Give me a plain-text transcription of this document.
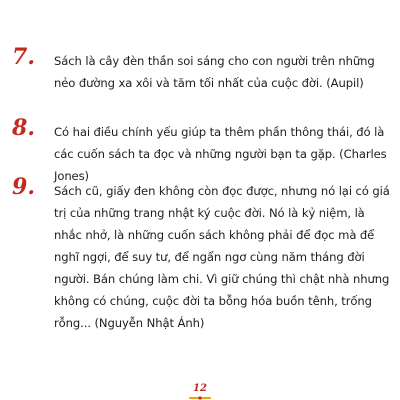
7.	Sách là cây đèn thần soi sáng cho con người trên những nẻo đường xa xôi và tăm tối nhất của cuộc đời. (Aupil)
8.	Có hai điều chính yếu giúp ta thêm phần thông thái, đó là các cuốn sách ta đọc và những người bạn ta gặp. (Charles Jones)
9.	Sách cũ, giấy đen không còn đọc được, nhưng nó lại có giá trị của những trang nhật ký cuộc đời. Nó là kỷ niệm, là nhắc nhở, là những cuốn sách không phải để đọc mà để nghĩ ngợi, để suy tư, để ngẩn ngơ cùng năm tháng đời người. Bán chúng làm chi. Vì giữ chúng thì chật nhà nhưng không có chúng, cuộc đời ta bỗng hóa buồn tênh, trống rỗng... (Nguyễn Nhật Ánh)
12
